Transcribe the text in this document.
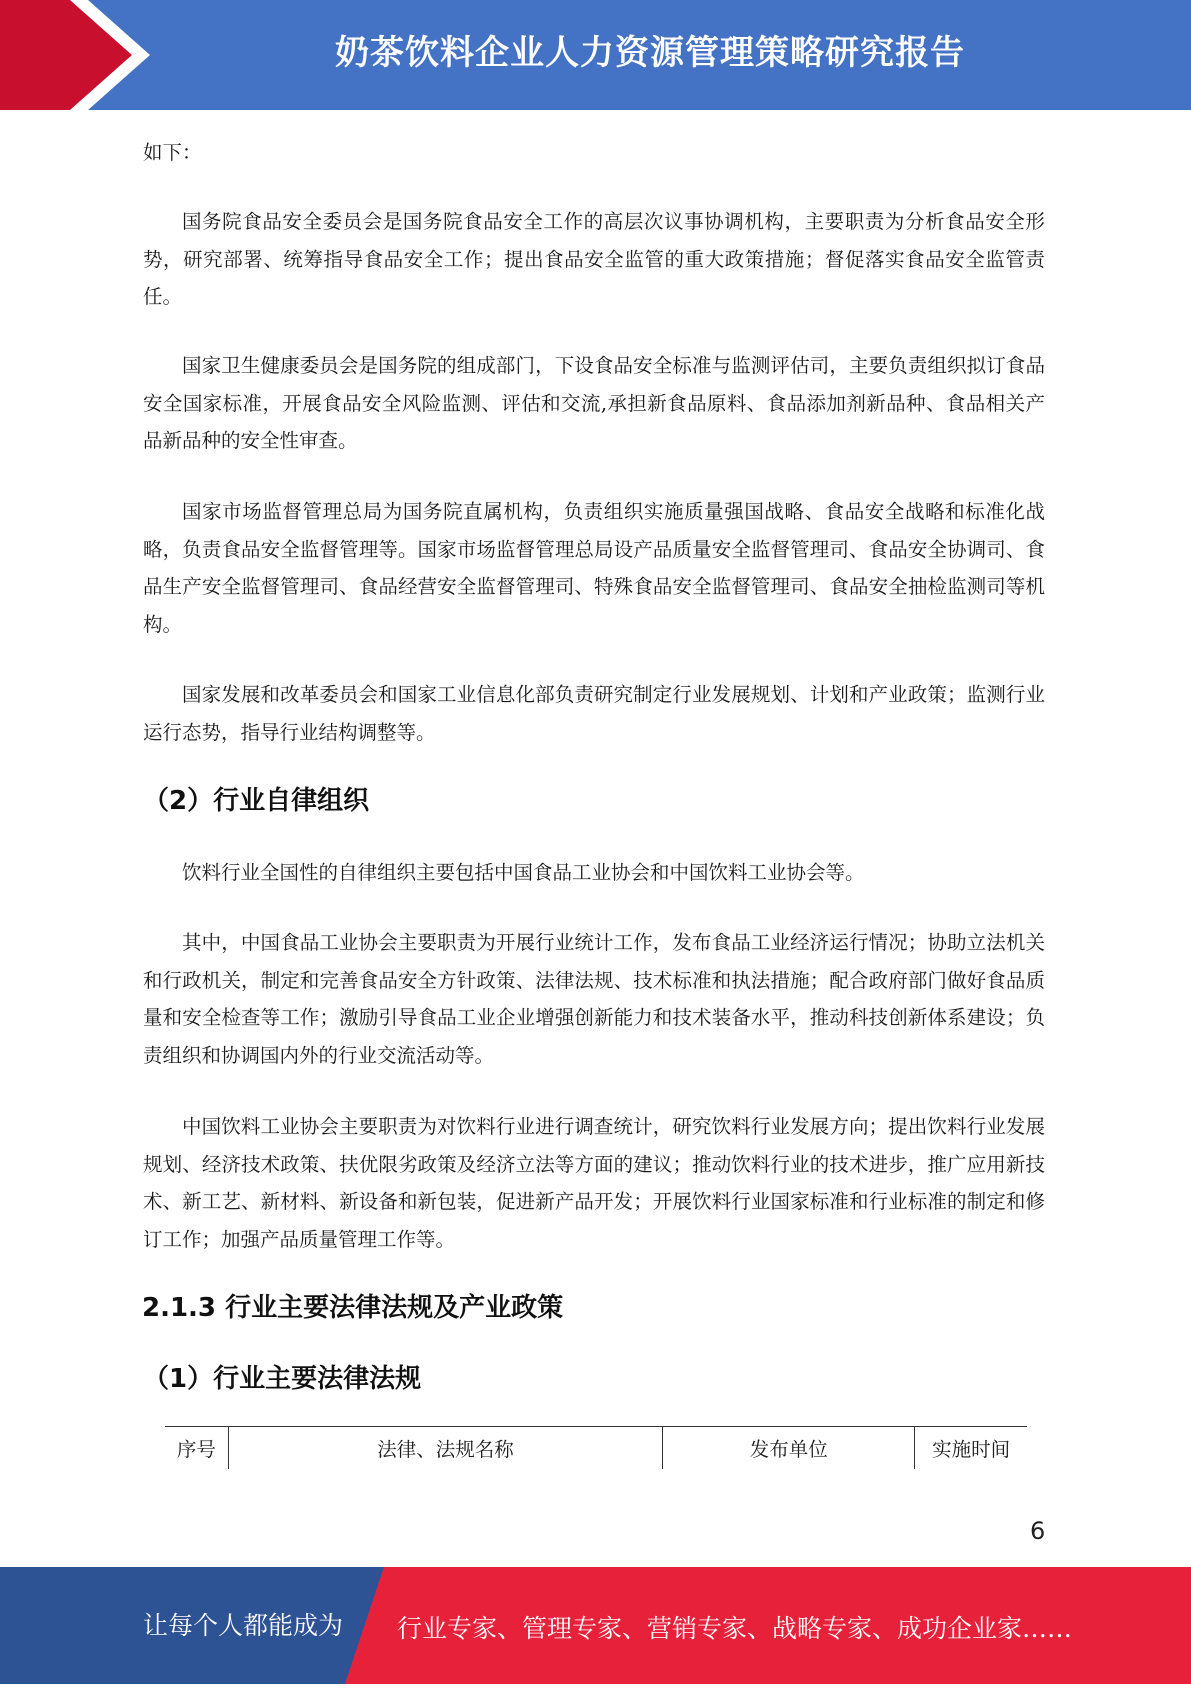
奶茶饮料企业人力资源管理策略研究报告

如下：

国务院食品安全委员会是国务院食品安全工作的高层次议事协调机构，主要职责为分析食品安全形势，研究部署、统筹指导食品安全工作；提出食品安全监管的重大政策措施；督促落实食品安全监管责任。

国家卫生健康委员会是国务院的组成部门，下设食品安全标准与监测评估司，主要负责组织拟订食品安全国家标准，开展食品安全风险监测、评估和交流,承担新食品原料、食品添加剂新品种、食品相关产品新品种的安全性审查。

国家市场监督管理总局为国务院直属机构，负责组织实施质量强国战略、食品安全战略和标准化战略，负责食品安全监督管理等。国家市场监督管理总局设产品质量安全监督管理司、食品安全协调司、食品生产安全监督管理司、食品经营安全监督管理司、特殊食品安全监督管理司、食品安全抽检监测司等机构。

国家发展和改革委员会和国家工业信息化部负责研究制定行业发展规划、计划和产业政策；监测行业运行态势，指导行业结构调整等。

（2）行业自律组织

饮料行业全国性的自律组织主要包括中国食品工业协会和中国饮料工业协会等。

其中，中国食品工业协会主要职责为开展行业统计工作，发布食品工业经济运行情况；协助立法机关和行政机关，制定和完善食品安全方针政策、法律法规、技术标准和执法措施；配合政府部门做好食品质量和安全检查等工作；激励引导食品工业企业增强创新能力和技术装备水平，推动科技创新体系建设；负责组织和协调国内外的行业交流活动等。

中国饮料工业协会主要职责为对饮料行业进行调查统计，研究饮料行业发展方向；提出饮料行业发展规划、经济技术政策、扶优限劣政策及经济立法等方面的建议；推动饮料行业的技术进步，推广应用新技术、新工艺、新材料、新设备和新包装，促进新产品开发；开展饮料行业国家标准和行业标准的制定和修订工作；加强产品质量管理工作等。

2.1.3 行业主要法律法规及产业政策
（1）行业主要法律法规
序号	法律、法规名称	发布单位	实施时间
6
让每个人都能成为 行业专家、管理专家、营销专家、战略专家、成功企业家……
